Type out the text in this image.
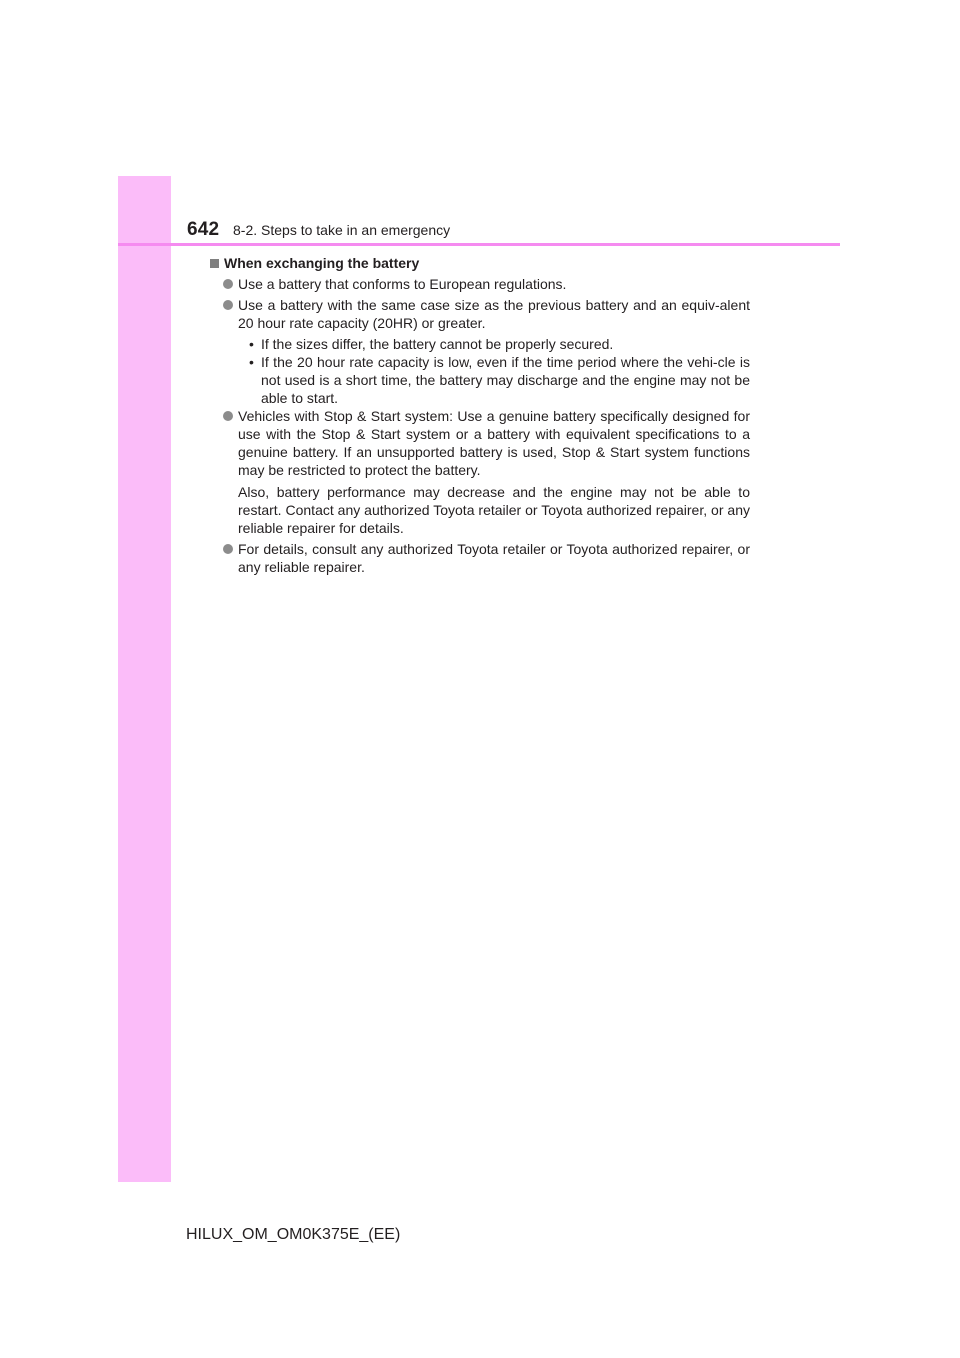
642 8-2. Steps to take in an emergency
When exchanging the battery
Use a battery that conforms to European regulations.
Use a battery with the same case size as the previous battery and an equiv-alent 20 hour rate capacity (20HR) or greater.
• If the sizes differ, the battery cannot be properly secured.
• If the 20 hour rate capacity is low, even if the time period where the vehi-cle is not used is a short time, the battery may discharge and the engine may not be able to start.
Vehicles with Stop & Start system: Use a genuine battery specifically designed for use with the Stop & Start system or a battery with equivalent specifications to a genuine battery. If an unsupported battery is used, Stop & Start system functions may be restricted to protect the battery.
Also, battery performance may decrease and the engine may not be able to restart. Contact any authorized Toyota retailer or Toyota authorized repairer, or any reliable repairer for details.
For details, consult any authorized Toyota retailer or Toyota authorized repairer, or any reliable repairer.
HILUX_OM_OM0K375E_(EE)
